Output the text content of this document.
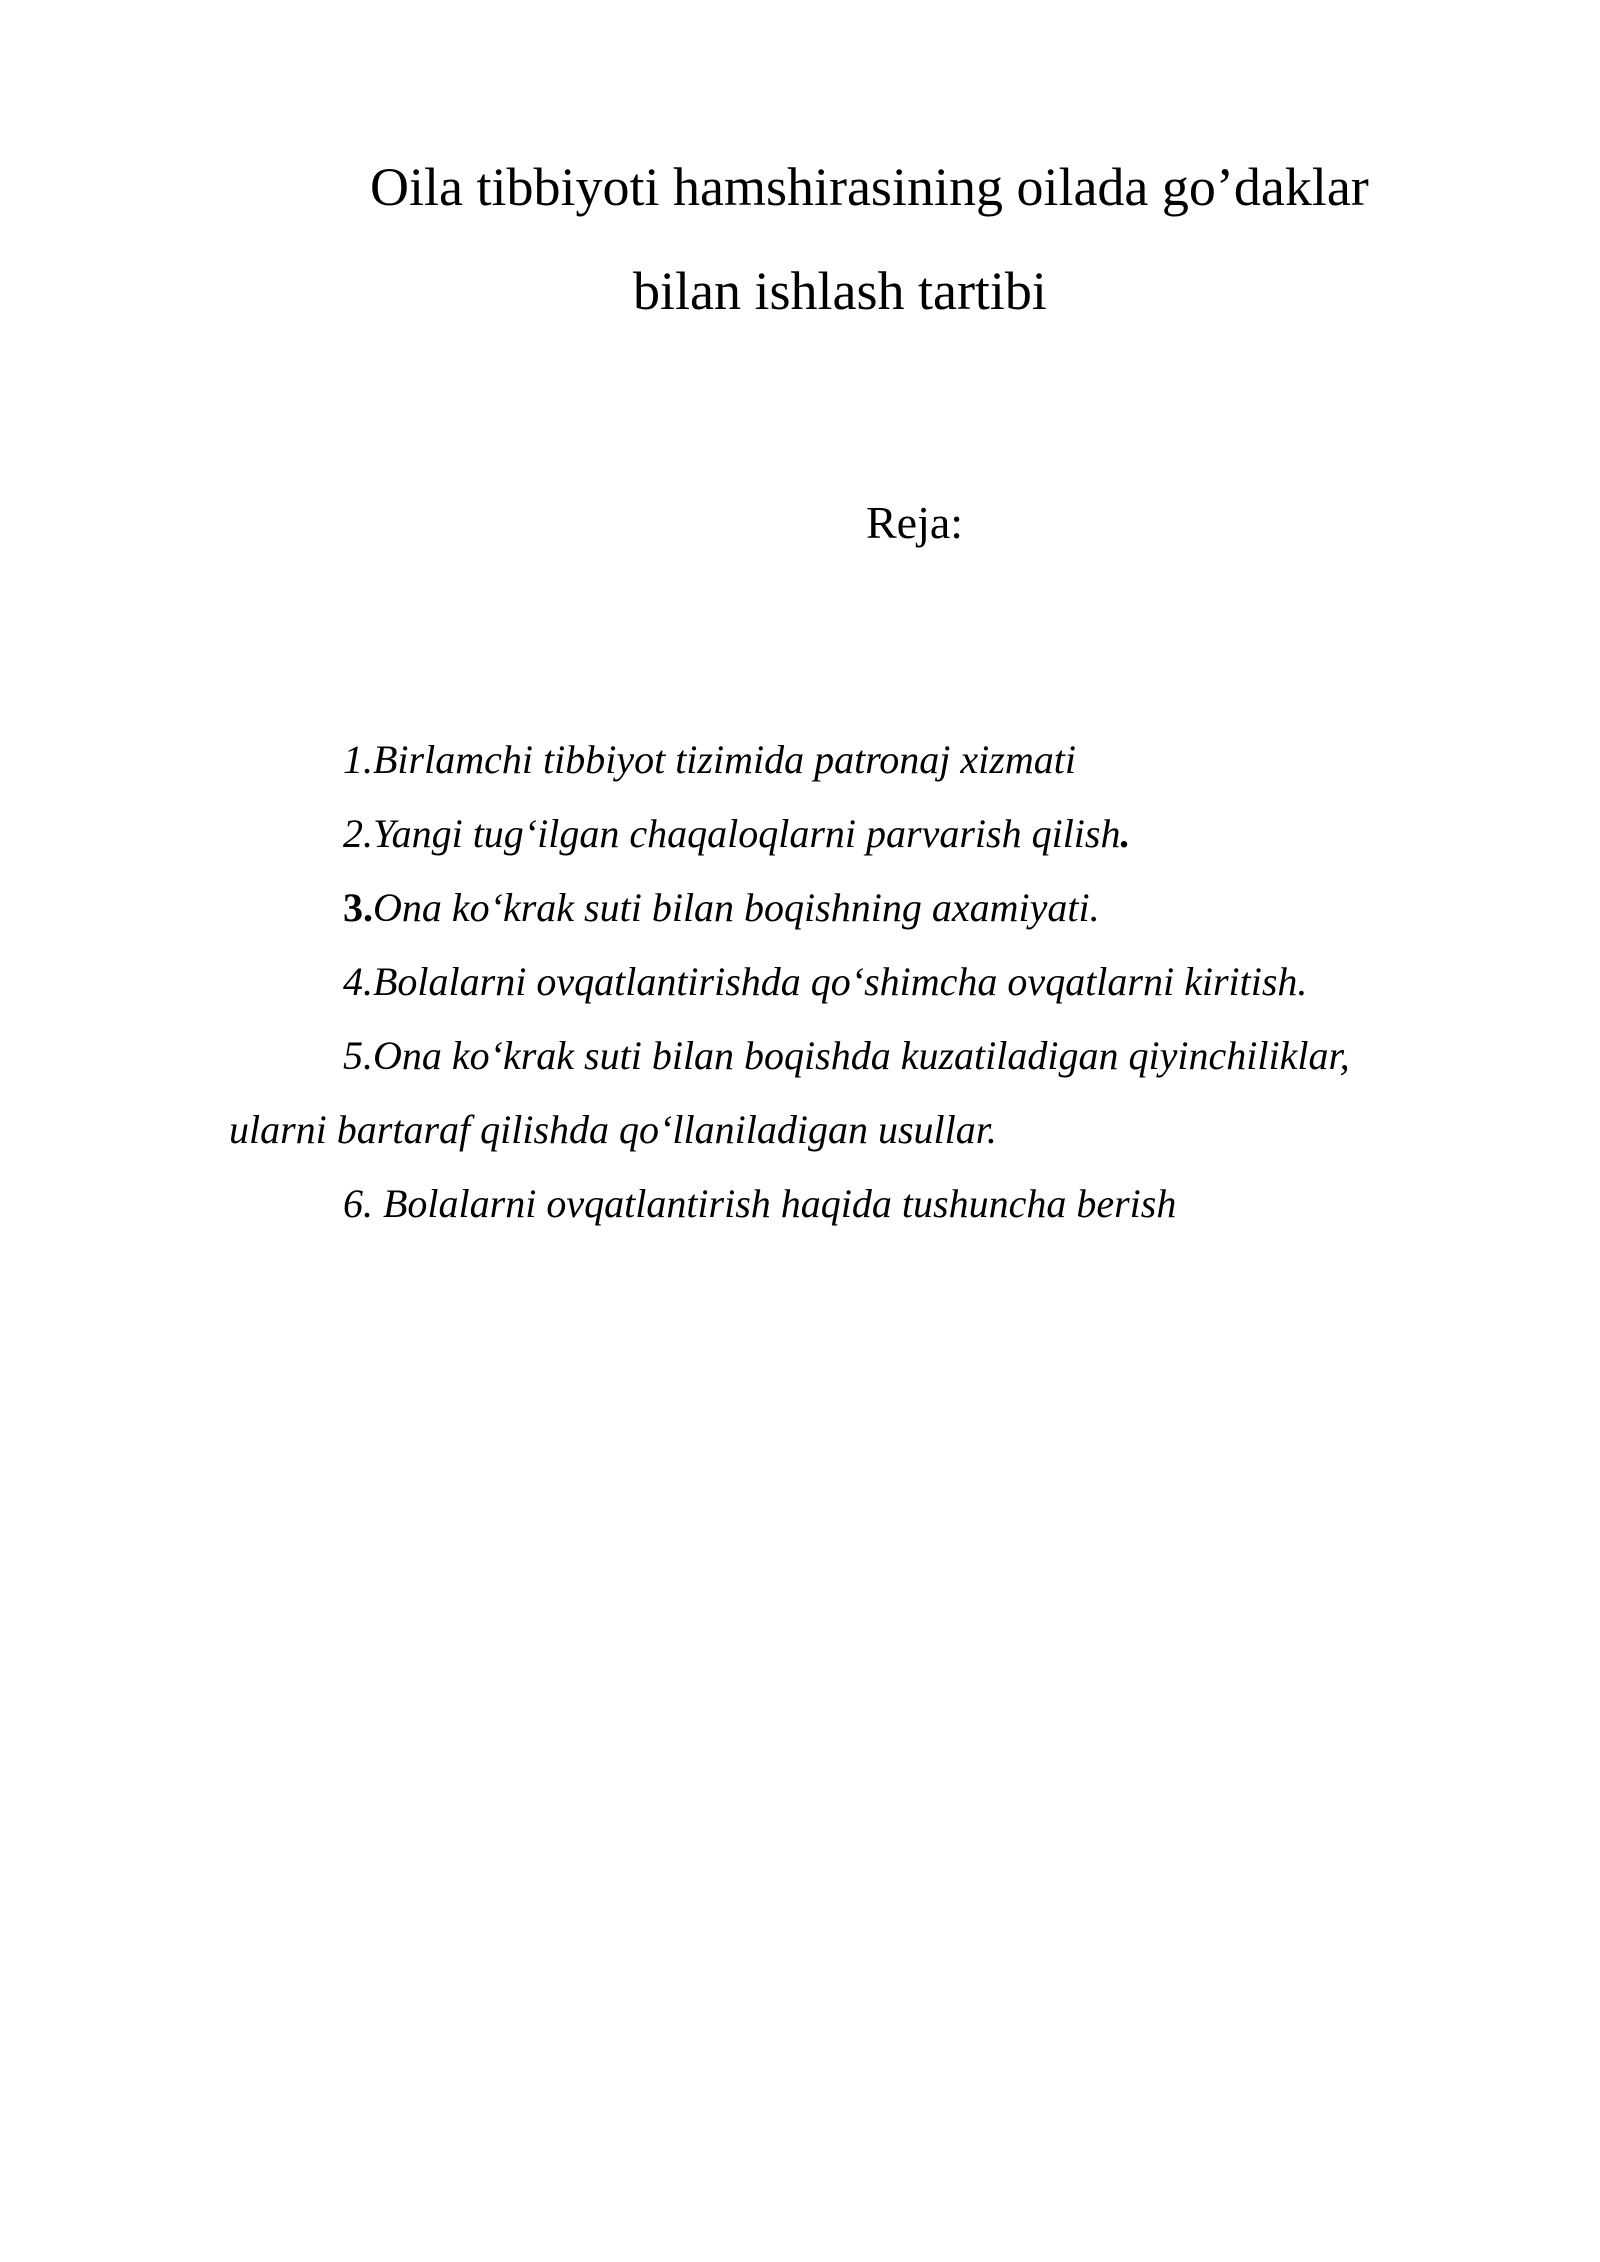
Oila tibbiyoti hamshirasining oilada go’daklar
bilan ishlash tartibi
Reja:
1.Birlamchi tibbiyot tizimida patronaj xizmati
2.Yangi tug‘ilgan chaqaloqlarni parvarish qilish.
3.Ona ko‘krak suti bilan boqishning axamiyati.
4.Bolalarni ovqatlantirishda qo‘shimcha ovqatlarni kiritish.
5.Ona ko‘krak suti bilan boqishda kuzatiladigan qiyinchiliklar,
ularni bartaraf qilishda qo‘llaniladigan usullar.
6. Bolalarni ovqatlantirish haqida tushuncha berish
